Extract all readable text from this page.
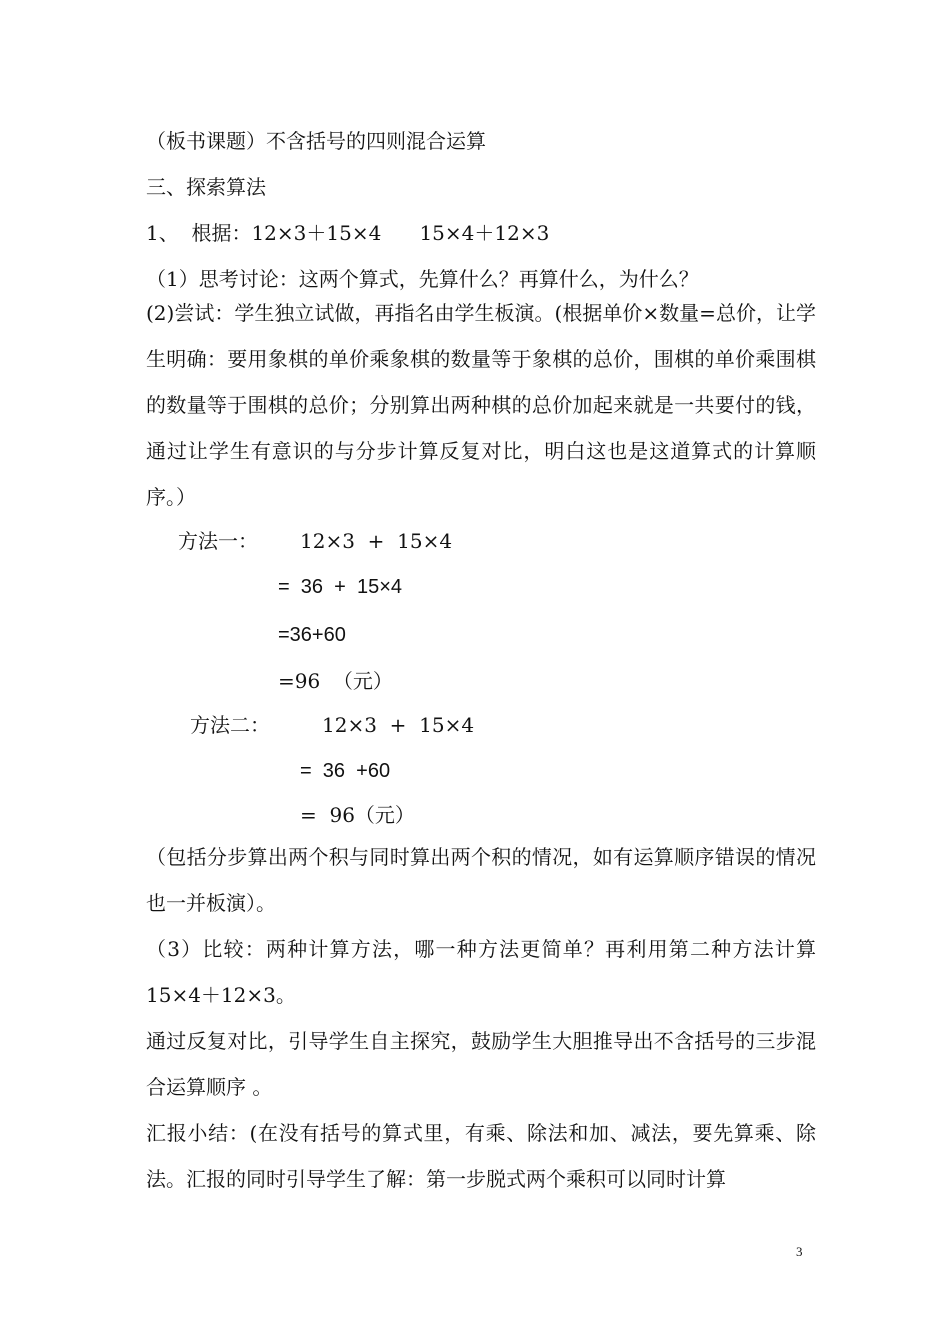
（板书课题）不含括号的四则混合运算
三、探索算法
1、  根据：12×3＋15×4      15×4＋12×3
（1）思考讨论：这两个算式，先算什么？再算什么，为什么？
(2)尝试：学生独立试做，再指名由学生板演。(根据单价×数量=总价，让学生明确：要用象棋的单价乘象棋的数量等于象棋的总价，围棋的单价乘围棋的数量等于围棋的总价；分别算出两种棋的总价加起来就是一共要付的钱，通过让学生有意识的与分步计算反复对比，明白这也是这道算式的计算顺序。）
方法一： 12×3  +  15×4
=  36  +  15×4
=36+60
=96  （元）
方法二：	12×3  +  15×4
=  36  +60
=  96（元）
（包括分步算出两个积与同时算出两个积的情况，如有运算顺序错误的情况也一并板演）。
（3）比较：两种计算方法，哪一种方法更简单？再利用第二种方法计算 15×4＋12×3。
通过反复对比，引导学生自主探究，鼓励学生大胆推导出不含括号的三步混合运算顺序 。
汇报小结：(在没有括号的算式里，有乘、除法和加、减法，要先算乘、除法。汇报的同时引导学生了解：第一步脱式两个乘积可以同时计算
3
